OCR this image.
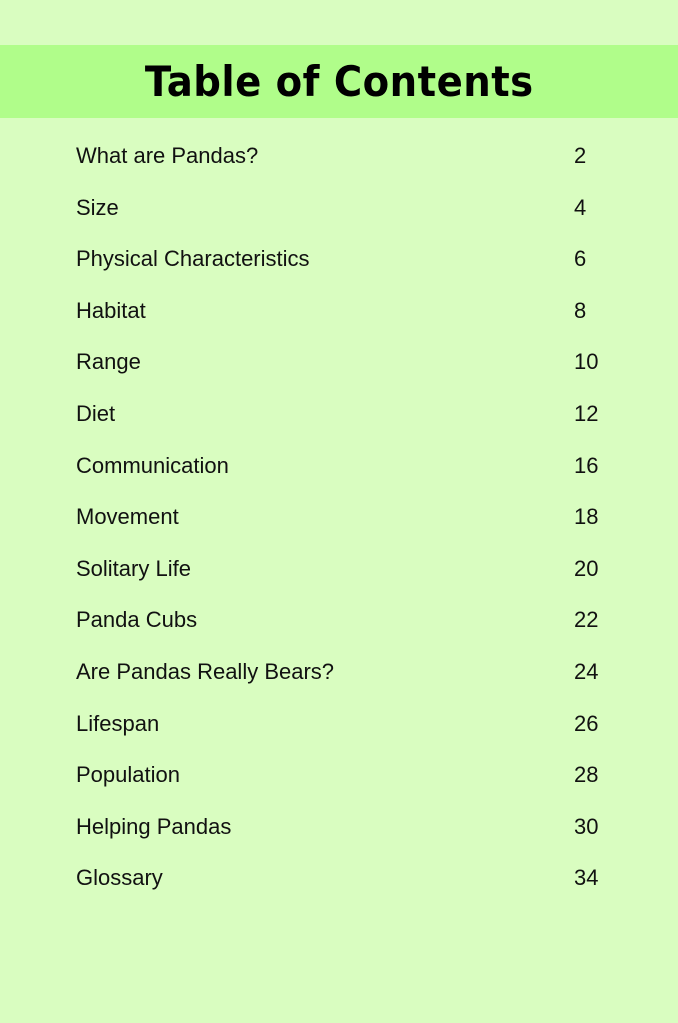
Table of Contents
What are Pandas?	2
Size	4
Physical Characteristics	6
Habitat	8
Range	10
Diet	12
Communication	16
Movement	18
Solitary Life	20
Panda Cubs	22
Are Pandas Really Bears?	24
Lifespan	26
Population	28
Helping Pandas	30
Glossary	34
